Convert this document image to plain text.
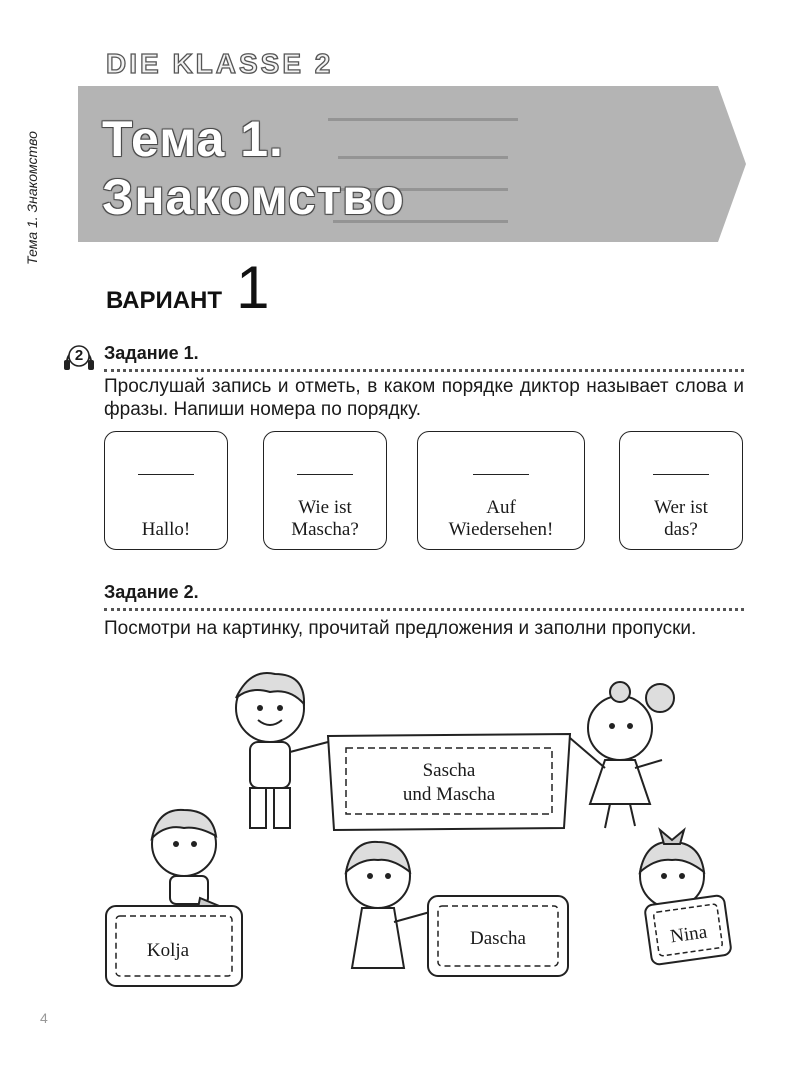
Тема 1. Знакомство
DIE KLASSE 2
Тема 1.
Знакомство
ВАРИАНТ 1
2	Задание 1.
Прослушай запись и отметь, в каком порядке диктор называет слова и фразы. Напиши номера по порядку.
Hallo!
Wie ist
Mascha?
Auf
Wiedersehen!
Wer ist
das?
Задание 2.
Посмотри на картинку, прочитай предложения и заполни пропуски.
Sascha
und Mascha
Kolja
Dascha	Nina
4
